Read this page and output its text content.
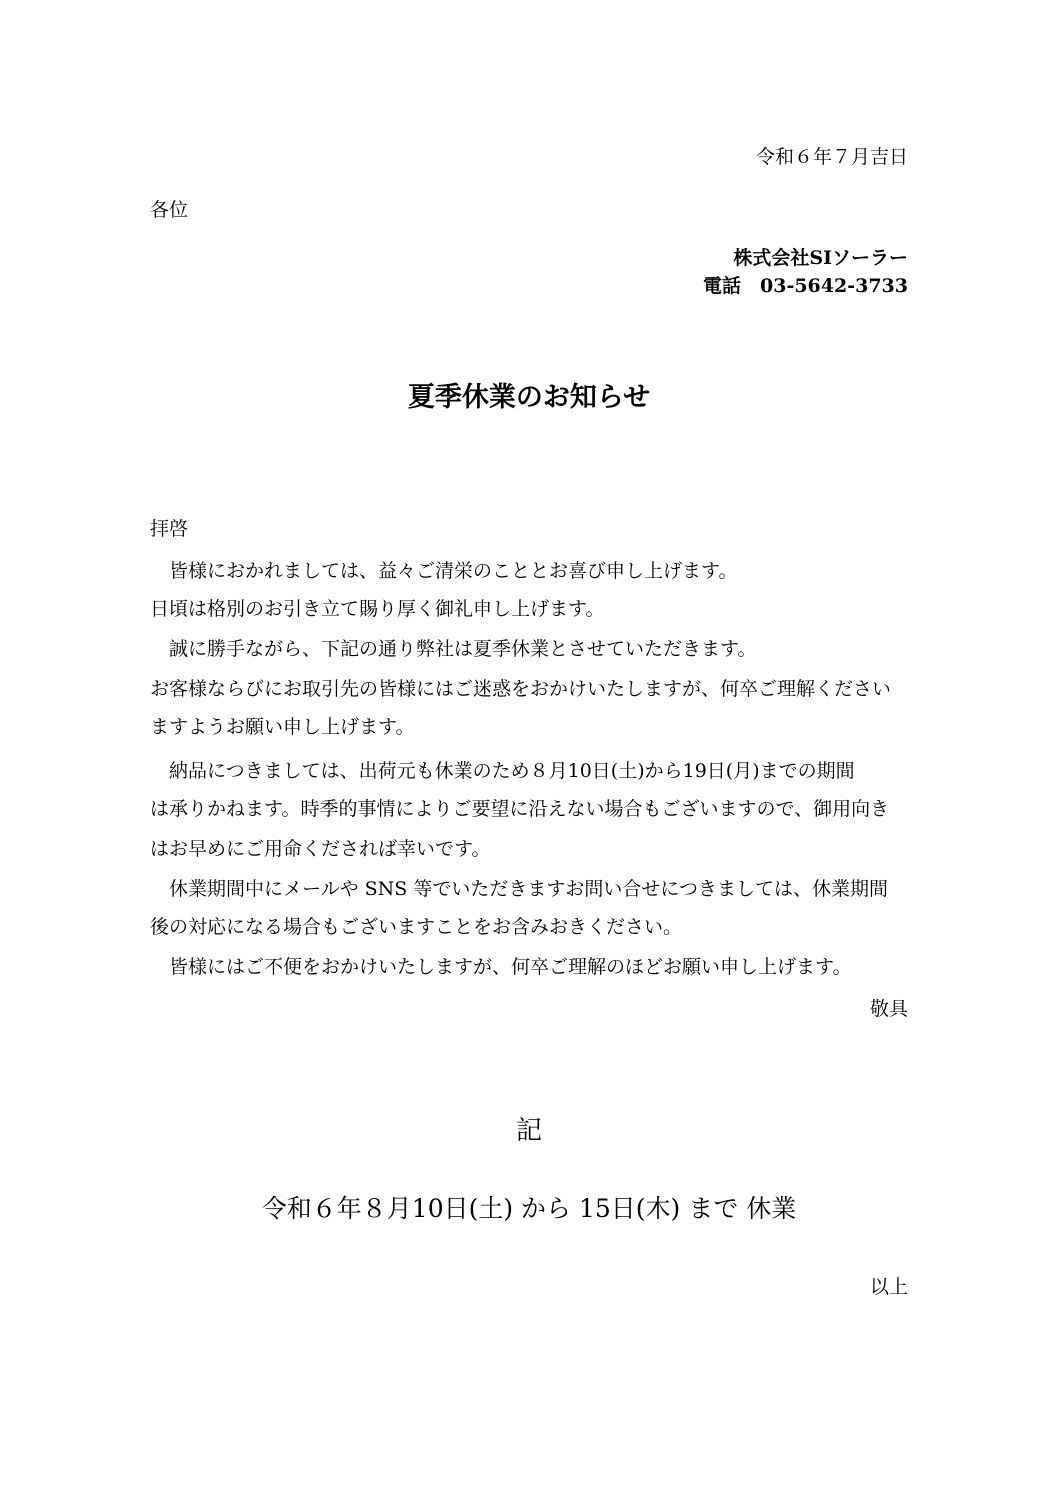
令和６年７月吉日
各位
株式会社SIソーラー
電話　03-5642-3733
夏季休業のお知らせ
拝啓
　皆様におかれましては、益々ご清栄のこととお喜び申し上げます。
日頃は格別のお引き立て賜り厚く御礼申し上げます。
　誠に勝手ながら、下記の通り弊社は夏季休業とさせていただきます。
お客様ならびにお取引先の皆様にはご迷惑をおかけいたしますが、何卒ご理解ください
ますようお願い申し上げます。
　納品につきましては、出荷元も休業のため８月10日(土)から19日(月)までの期間
は承りかねます。時季的事情によりご要望に沿えない場合もございますので、御用向き
はお早めにご用命くだされば幸いです。
　休業期間中にメールや SNS 等でいただきますお問い合せにつきましては、休業期間
後の対応になる場合もございますことをお含みおきください。
　皆様にはご不便をおかけいたしますが、何卒ご理解のほどお願い申し上げます。
敬具
記
令和６年８月10日(土) から 15日(木) まで 休業
以上
